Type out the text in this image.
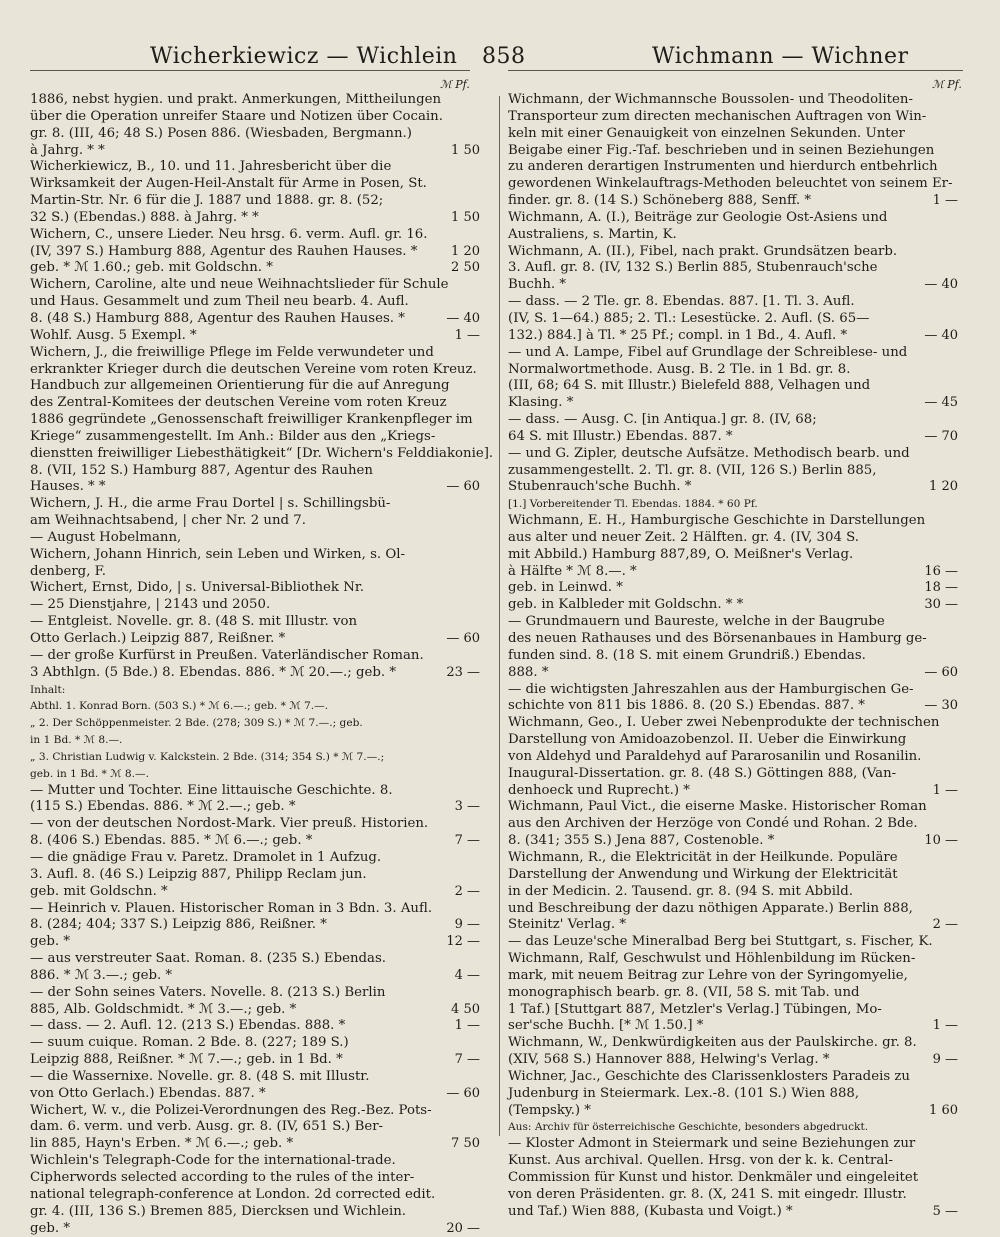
Wicherkiewicz — Wichlein 858	Wichmann — Wichner
ℳ Pf.	ℳ Pf.
1886, nebst hygien. und prakt. Anmerkungen, Mittheilungen
über die Operation unreifer Staare und Notizen über Cocain.
gr. 8. (III, 46; 48 S.) Posen 886. (Wiesbaden, Bergmann.)
à Jahrg. * *	1 50
Wicherkiewicz, B., 10. und 11. Jahresbericht über die
Wirksamkeit der Augen-Heil-Anstalt für Arme in Posen, St.
Martin-Str. Nr. 6 für die J. 1887 und 1888. gr. 8. (52;
32 S.) (Ebendas.) 888. à Jahrg. * *	1 50
Wichern, C., unsere Lieder. Neu hrsg. 6. verm. Aufl. gr. 16.
(IV, 397 S.) Hamburg 888, Agentur des Rauhen Hauses. *	1 20
geb. * ℳ 1.60.; geb. mit Goldschn. *	2 50
Wichern, Caroline, alte und neue Weihnachtslieder für Schule
und Haus. Gesammelt und zum Theil neu bearb. 4. Aufl.
8. (48 S.) Hamburg 888, Agentur des Rauhen Hauses. *	— 40
Wohlf. Ausg. 5 Exempl. *	1 —
Wichern, J., die freiwillige Pflege im Felde verwundeter und
erkrankter Krieger durch die deutschen Vereine vom roten Kreuz.
Handbuch zur allgemeinen Orientierung für die auf Anregung
des Zentral-Komitees der deutschen Vereine vom roten Kreuz
1886 gegründete „Genossenschaft freiwilliger Krankenpfleger im
Kriege“ zusammengestellt. Im Anh.: Bilder aus den „Kriegs-
dienstten freiwilliger Liebesthätigkeit“ [Dr. Wichern's Felddiakonie].
8. (VII, 152 S.) Hamburg 887, Agentur des Rauhen
Hauses. * *	— 60
Wichern, J. H., die arme Frau Dortel | s. Schillingsbü-
am Weihnachtsabend, | cher Nr. 2 und 7.
— August Hobelmann,
Wichern, Johann Hinrich, sein Leben und Wirken, s. Ol-
denberg, F.
Wichert, Ernst, Dido, | s. Universal-Bibliothek Nr.
— 25 Dienstjahre, | 2143 und 2050.
— Entgleist. Novelle. gr. 8. (48 S. mit Illustr. von
Otto Gerlach.) Leipzig 887, Reißner. *	— 60
— der große Kurfürst in Preußen. Vaterländischer Roman.
3 Abthlgn. (5 Bde.) 8. Ebendas. 886. * ℳ 20.—.; geb. *	23 —
Inhalt:
Abthl. 1. Konrad Born. (503 S.) * ℳ 6.—.; geb. * ℳ 7.—.
„ 2. Der Schöppenmeister. 2 Bde. (278; 309 S.) * ℳ 7.—.; geb.
in 1 Bd. * ℳ 8.—.
„ 3. Christian Ludwig v. Kalckstein. 2 Bde. (314; 354 S.) * ℳ 7.—.;
geb. in 1 Bd. * ℳ 8.—.
— Mutter und Tochter. Eine littauische Geschichte. 8.
(115 S.) Ebendas. 886. * ℳ 2.—.; geb. *	3 —
— von der deutschen Nordost-Mark. Vier preuß. Historien.
8. (406 S.) Ebendas. 885. * ℳ 6.—.; geb. *	7 —
— die gnädige Frau v. Paretz. Dramolet in 1 Aufzug.
3. Aufl. 8. (46 S.) Leipzig 887, Philipp Reclam jun.
geb. mit Goldschn. *	2 —
— Heinrich v. Plauen. Historischer Roman in 3 Bdn. 3. Aufl.
8. (284; 404; 337 S.) Leipzig 886, Reißner. *	9 —
geb. *	12 —
— aus verstreuter Saat. Roman. 8. (235 S.) Ebendas.
886. * ℳ 3.—.; geb. *	4 —
— der Sohn seines Vaters. Novelle. 8. (213 S.) Berlin
885, Alb. Goldschmidt. * ℳ 3.—.; geb. *	4 50
— dass. — 2. Aufl. 12. (213 S.) Ebendas. 888. *	1 —
— suum cuique. Roman. 2 Bde. 8. (227; 189 S.)
Leipzig 888, Reißner. * ℳ 7.—.; geb. in 1 Bd. *	7 —
— die Wassernixe. Novelle. gr. 8. (48 S. mit Illustr.
von Otto Gerlach.) Ebendas. 887. *	— 60
Wichert, W. v., die Polizei-Verordnungen des Reg.-Bez. Pots-
dam. 6. verm. und verb. Ausg. gr. 8. (IV, 651 S.) Ber-
lin 885, Hayn's Erben. * ℳ 6.—.; geb. *	7 50
Wichlein's Telegraph-Code for the international-trade.
Cipherwords selected according to the rules of the inter-
national telegraph-conference at London. 2d corrected edit.
gr. 4. (III, 136 S.) Bremen 885, Diercksen und Wichlein.
geb. *	20 —
Wichmann, der Wichmannsche Boussolen- und Theodoliten-
Transporteur zum directen mechanischen Auftragen von Win-
keln mit einer Genauigkeit von einzelnen Sekunden. Unter
Beigabe einer Fig.-Taf. beschrieben und in seinen Beziehungen
zu anderen derartigen Instrumenten und hierdurch entbehrlich
gewordenen Winkelauftrags-Methoden beleuchtet von seinem Er-
finder. gr. 8. (14 S.) Schöneberg 888, Senff. *	1 —
Wichmann, A. (I.), Beiträge zur Geologie Ost-Asiens und
Australiens, s. Martin, K.
Wichmann, A. (II.), Fibel, nach prakt. Grundsätzen bearb.
3. Aufl. gr. 8. (IV, 132 S.) Berlin 885, Stubenrauch'sche
Buchh. *	— 40
— dass. — 2 Tle. gr. 8. Ebendas. 887. [1. Tl. 3. Aufl.
(IV, S. 1—64.) 885; 2. Tl.: Lesestücke. 2. Aufl. (S. 65—
132.) 884.] à Tl. * 25 Pf.; compl. in 1 Bd., 4. Aufl. *	— 40
— und A. Lampe, Fibel auf Grundlage der Schreiblese- und
Normalwortmethode. Ausg. B. 2 Tle. in 1 Bd. gr. 8.
(III, 68; 64 S. mit Illustr.) Bielefeld 888, Velhagen und
Klasing. *	— 45
— dass. — Ausg. C. [in Antiqua.] gr. 8. (IV, 68;
64 S. mit Illustr.) Ebendas. 887. *	— 70
— und G. Zipler, deutsche Aufsätze. Methodisch bearb. und
zusammengestellt. 2. Tl. gr. 8. (VII, 126 S.) Berlin 885,
Stubenrauch'sche Buchh. *	1 20
[1.] Vorbereitender Tl. Ebendas. 1884. * 60 Pf.
Wichmann, E. H., Hamburgische Geschichte in Darstellungen
aus alter und neuer Zeit. 2 Hälften. gr. 4. (IV, 304 S.
mit Abbild.) Hamburg 887,89, O. Meißner's Verlag.
à Hälfte * ℳ 8.—. *	16 —
geb. in Leinwd. *	18 —
geb. in Kalbleder mit Goldschn. * *	30 —
— Grundmauern und Baureste, welche in der Baugrube
des neuen Rathauses und des Börsenanbaues in Hamburg ge-
funden sind. 8. (18 S. mit einem Grundriß.) Ebendas.
888. *	— 60
— die wichtigsten Jahreszahlen aus der Hamburgischen Ge-
schichte von 811 bis 1886. 8. (20 S.) Ebendas. 887. *	— 30
Wichmann, Geo., I. Ueber zwei Nebenprodukte der technischen
Darstellung von Amidoazobenzol. II. Ueber die Einwirkung
von Aldehyd und Paraldehyd auf Pararosanilin und Rosanilin.
Inaugural-Dissertation. gr. 8. (48 S.) Göttingen 888, (Van-
denhoeck und Ruprecht.) *	1 —
Wichmann, Paul Vict., die eiserne Maske. Historischer Roman
aus den Archiven der Herzöge von Condé und Rohan. 2 Bde.
8. (341; 355 S.) Jena 887, Costenoble. *	10 —
Wichmann, R., die Elektricität in der Heilkunde. Populäre
Darstellung der Anwendung und Wirkung der Elektricität
in der Medicin. 2. Tausend. gr. 8. (94 S. mit Abbild.
und Beschreibung der dazu nöthigen Apparate.) Berlin 888,
Steinitz' Verlag. *	2 —
— das Leuze'sche Mineralbad Berg bei Stuttgart, s. Fischer, K.
Wichmann, Ralf, Geschwulst und Höhlenbildung im Rücken-
mark, mit neuem Beitrag zur Lehre von der Syringomyelie,
monographisch bearb. gr. 8. (VII, 58 S. mit Tab. und
1 Taf.) [Stuttgart 887, Metzler's Verlag.] Tübingen, Mo-
ser'sche Buchh. [* ℳ 1.50.] *	1 —
Wichmann, W., Denkwürdigkeiten aus der Paulskirche. gr. 8.
(XIV, 568 S.) Hannover 888, Helwing's Verlag. *	9 —
Wichner, Jac., Geschichte des Clarissenklosters Paradeis zu
Judenburg in Steiermark. Lex.-8. (101 S.) Wien 888,
(Tempsky.) *	1 60
Aus: Archiv für österreichische Geschichte, besonders abgedruckt.
— Kloster Admont in Steiermark und seine Beziehungen zur
Kunst. Aus archival. Quellen. Hrsg. von der k. k. Central-
Commission für Kunst und histor. Denkmäler und eingeleitet
von deren Präsidenten. gr. 8. (X, 241 S. mit eingedr. Illustr.
und Taf.) Wien 888, (Kubasta und Voigt.) *	5 —
